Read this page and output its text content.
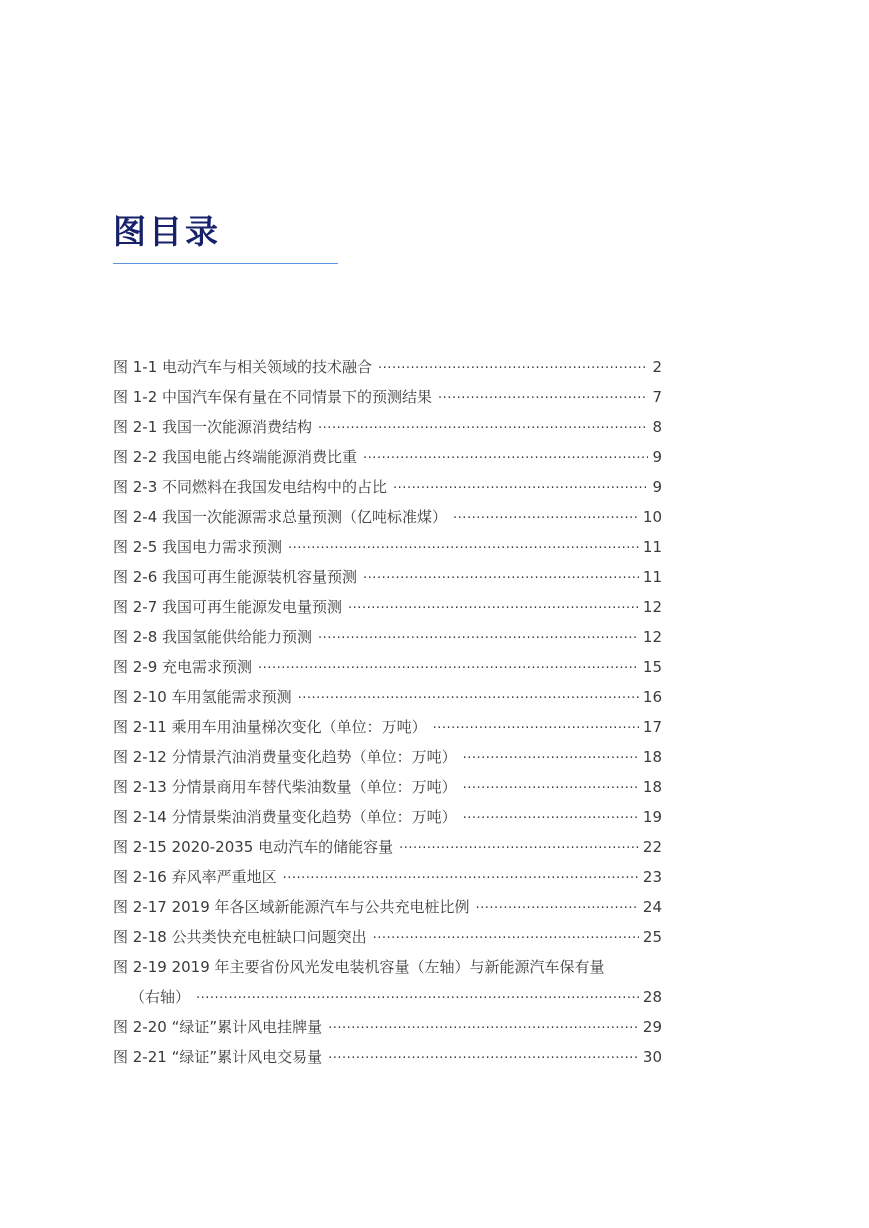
图目录
图 1-1 电动汽车与相关领域的技术融合 ·····	2
图 1-2 中国汽车保有量在不同情景下的预测结果 ·····	7
图 2-1 我国一次能源消费结构 ·····	8
图 2-2 我国电能占终端能源消费比重 ·····	9
图 2-3 不同燃料在我国发电结构中的占比 ·····	9
图 2-4 我国一次能源需求总量预测（亿吨标准煤） ·····	10
图 2-5 我国电力需求预测 ·····	11
图 2-6 我国可再生能源装机容量预测 ·····	11
图 2-7 我国可再生能源发电量预测 ·····	12
图 2-8 我国氢能供给能力预测 ·····	12
图 2-9 充电需求预测 ·····	15
图 2-10 车用氢能需求预测 ·····	16
图 2-11 乘用车用油量梯次变化（单位：万吨） ·····	17
图 2-12 分情景汽油消费量变化趋势（单位：万吨） ·····	18
图 2-13 分情景商用车替代柴油数量（单位：万吨） ·····	18
图 2-14 分情景柴油消费量变化趋势（单位：万吨） ·····	19
图 2-15 2020-2035 电动汽车的储能容量 ·····	22
图 2-16 弃风率严重地区 ·····	23
图 2-17 2019 年各区域新能源汽车与公共充电桩比例 ·····	24
图 2-18 公共类快充电桩缺口问题突出 ·····	25
图 2-19 2019 年主要省份风光发电装机容量（左轴）与新能源汽车保有量
（右轴） ·····	28
图 2-20 “绿证”累计风电挂牌量 ·····	29
图 2-21 “绿证”累计风电交易量 ·····	30
